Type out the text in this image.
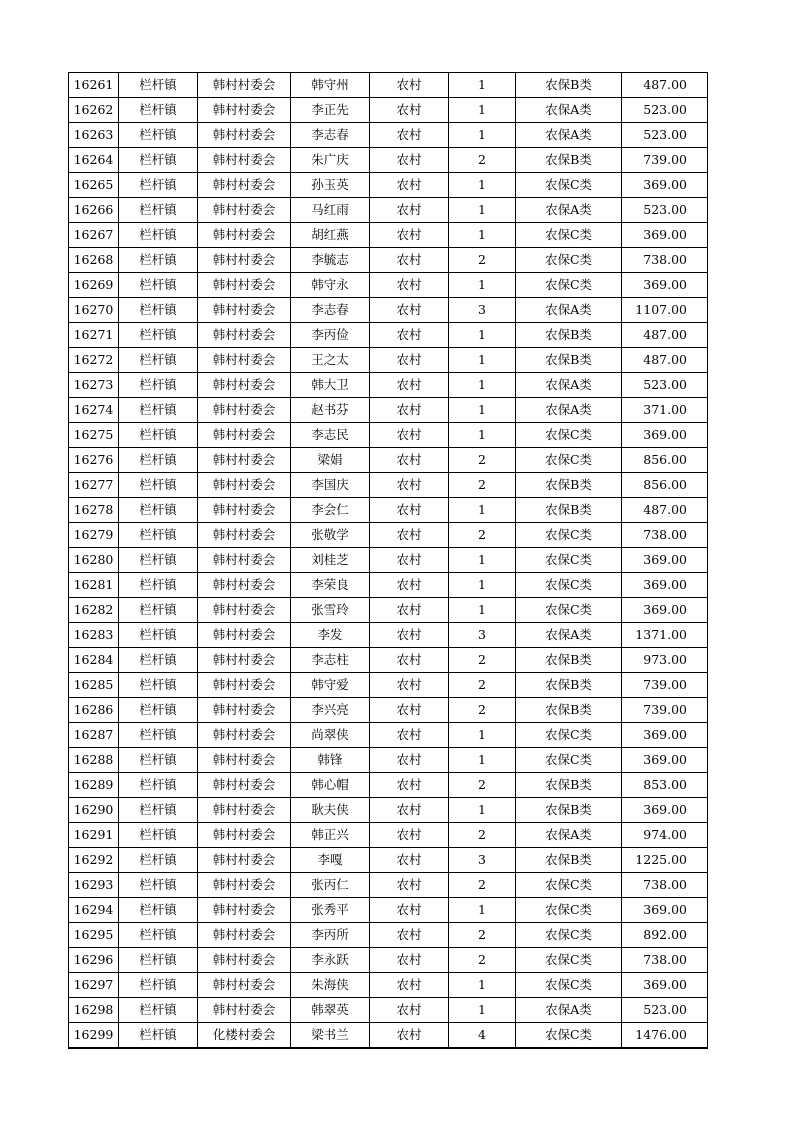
16261	栏杆镇	韩村村委会	韩守州	农村	1	农保B类	487.00
16262	栏杆镇	韩村村委会	李正先	农村	1	农保A类	523.00
16263	栏杆镇	韩村村委会	李志春	农村	1	农保A类	523.00
16264	栏杆镇	韩村村委会	朱广庆	农村	2	农保B类	739.00
16265	栏杆镇	韩村村委会	孙玉英	农村	1	农保C类	369.00
16266	栏杆镇	韩村村委会	马红雨	农村	1	农保A类	523.00
16267	栏杆镇	韩村村委会	胡红燕	农村	1	农保C类	369.00
16268	栏杆镇	韩村村委会	李毓志	农村	2	农保C类	738.00
16269	栏杆镇	韩村村委会	韩守永	农村	1	农保C类	369.00
16270	栏杆镇	韩村村委会	李志春	农村	3	农保A类	1107.00
16271	栏杆镇	韩村村委会	李丙俭	农村	1	农保B类	487.00
16272	栏杆镇	韩村村委会	王之太	农村	1	农保B类	487.00
16273	栏杆镇	韩村村委会	韩大卫	农村	1	农保A类	523.00
16274	栏杆镇	韩村村委会	赵书芬	农村	1	农保A类	371.00
16275	栏杆镇	韩村村委会	李志民	农村	1	农保C类	369.00
16276	栏杆镇	韩村村委会	梁娟	农村	2	农保C类	856.00
16277	栏杆镇	韩村村委会	李国庆	农村	2	农保B类	856.00
16278	栏杆镇	韩村村委会	李会仁	农村	1	农保B类	487.00
16279	栏杆镇	韩村村委会	张敬学	农村	2	农保C类	738.00
16280	栏杆镇	韩村村委会	刘桂芝	农村	1	农保C类	369.00
16281	栏杆镇	韩村村委会	李荣良	农村	1	农保C类	369.00
16282	栏杆镇	韩村村委会	张雪玲	农村	1	农保C类	369.00
16283	栏杆镇	韩村村委会	李发	农村	3	农保A类	1371.00
16284	栏杆镇	韩村村委会	李志柱	农村	2	农保B类	973.00
16285	栏杆镇	韩村村委会	韩守爱	农村	2	农保B类	739.00
16286	栏杆镇	韩村村委会	李兴亮	农村	2	农保B类	739.00
16287	栏杆镇	韩村村委会	尚翠侠	农村	1	农保C类	369.00
16288	栏杆镇	韩村村委会	韩锋	农村	1	农保C类	369.00
16289	栏杆镇	韩村村委会	韩心帽	农村	2	农保B类	853.00
16290	栏杆镇	韩村村委会	耿夫侠	农村	1	农保B类	369.00
16291	栏杆镇	韩村村委会	韩正兴	农村	2	农保A类	974.00
16292	栏杆镇	韩村村委会	李嘎	农村	3	农保B类	1225.00
16293	栏杆镇	韩村村委会	张丙仁	农村	2	农保C类	738.00
16294	栏杆镇	韩村村委会	张秀平	农村	1	农保C类	369.00
16295	栏杆镇	韩村村委会	李丙所	农村	2	农保C类	892.00
16296	栏杆镇	韩村村委会	李永跃	农村	2	农保C类	738.00
16297	栏杆镇	韩村村委会	朱海侠	农村	1	农保C类	369.00
16298	栏杆镇	韩村村委会	韩翠英	农村	1	农保A类	523.00
16299	栏杆镇	化楼村委会	梁书兰	农村	4	农保C类	1476.00
